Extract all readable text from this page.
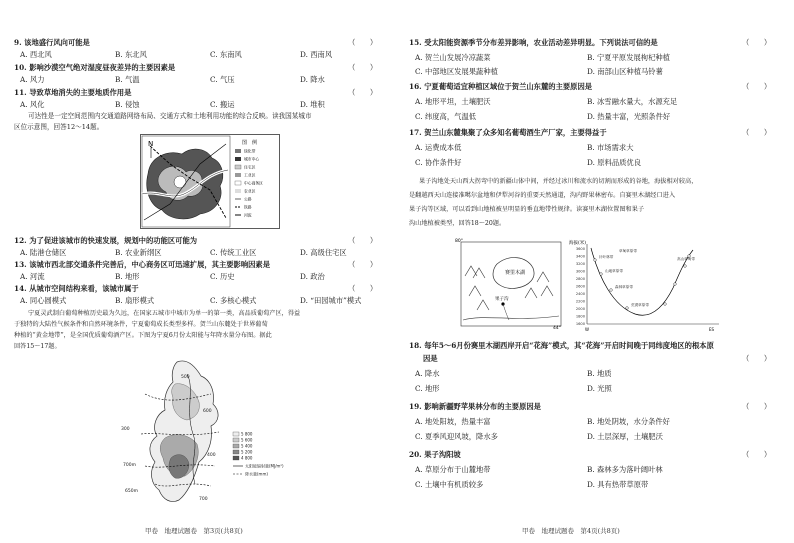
9. 该地盛行风向可能是	（　　）
A. 西北风	B. 东北风	C. 东南风	D. 西南风
10. 影响沙漠空气绝对湿度昼夜差异的主要因素是	（　　）
A. 风力	B. 气温	C. 气压	D. 降水
11. 导致草地消失的主要地质作用是	（　　）
A. 风化	B. 侵蚀	C. 搬运	D. 堆积
可达性是一定空间范围内交通道路网络布局、交通方式和土地利用功能的综合反映。读我国某城市
区位示意图，回答12～14题。
N	图　例
绿化带
城市中心
住宅区
工业区
中心商务区
农业区
公路
铁路
河流
12. 为了促进该城市的快速发展，规划中的功能区可能为	（　　）
A. 陆港仓储区	B. 农业新纲区	C. 传统工业区	D. 高级住宅区
13. 该城市西北部交通条件完善后，中心商务区可迅速扩展，其主要影响因素是	（　　）
A. 河流	B. 地形	C. 历史	D. 政治
14. 从城市空间结构来看，该城市属于	（　　）
A. 同心圆模式	B. 扇形模式	C. 多核心模式	D. “田园城市”模式
宁夏灵武制白葡萄种植历史最为久远，在国家五城市中城市为单一的第一类，高品质葡萄产区，得益
于独特的大陆性气候条件和自然环境条件，宁夏葡萄成长类型多样。贺兰山东麓处于世界葡萄
种植的“黄金地带”，是全国优质葡萄酒产区。下图为宁夏6月份太阳能与年降水量分布图。据此
回答15～17题。
300
700m
650m
500
600
400
700
5 800
5 600
5 400
5 200
4 800
太阳能辐射量(MJ/m²)
降水量(mm)
甲卷　地理试题卷　第3页(共8页)
15. 受太阳能资源季节分布差异影响，农业活动差异明显。下列说法可信的是	（　　）
A. 贺兰山发展冷凉蔬菜	B. 宁夏平原发展枸杞种植
C. 中部地区发展果蔬种植	D. 南部山区种植马铃薯
16. 宁夏葡萄适宜种植区域位于贺兰山东麓的主要原因是	（　　）
A. 地形平坦，土壤肥沃	B. 冰雪融水量大，水源充足
C. 纬度高，气温低	D. 热量丰富，光照条件好
17. 贺兰山东麓集聚了众多知名葡萄酒生产厂家，主要得益于	（　　）
A. 运费成本低	B. 市场需求大
C. 协作条件好	D. 原料品质优良
果子沟地处天山西大拐弯中的新疆山体中间，并经过冰川和流水的切割而形成的谷地，海拔相对较高，
是翻越西天山连接准噶尔盆地和伊犁河谷的重要天然通道，沟内野果林密布。自赛里木湖经口进入
果子沟等区域，可以看到山地植被呈明显的垂直地带性规律。读赛里木湖位置图和果子
沟山地植被类型，回答18～20题。
80°
44°
赛里木湖
果子沟
海拔(米)
3600
3400
3200
3000
2800
2600
2400
2200
2000
1800
1600
W	ES
针叶林带
山地草原带
森林草原带
荒漠草原带
草甸草原带
高山草甸带
18. 每年5～6月份赛里木湖西岸开启“花海”模式，其“花海”开启时间晚于同纬度地区的根本原
因是	（　　）
A. 降水	B. 地质
C. 地形	D. 光照
19. 影响新疆野苹果林分布的主要原因是	（　　）
A. 地处阳坡，热量丰富	B. 地处阴坡，水分条件好
C. 夏季风迎风坡，降水多	D. 土层深厚，土壤肥沃
20. 果子沟阳坡	（　　）
A. 草原分布于山麓地带	B. 森林多为落叶阔叶林
C. 土壤中有机质较多	D. 具有热带草原带
甲卷　地理试题卷　第4页(共8页)
